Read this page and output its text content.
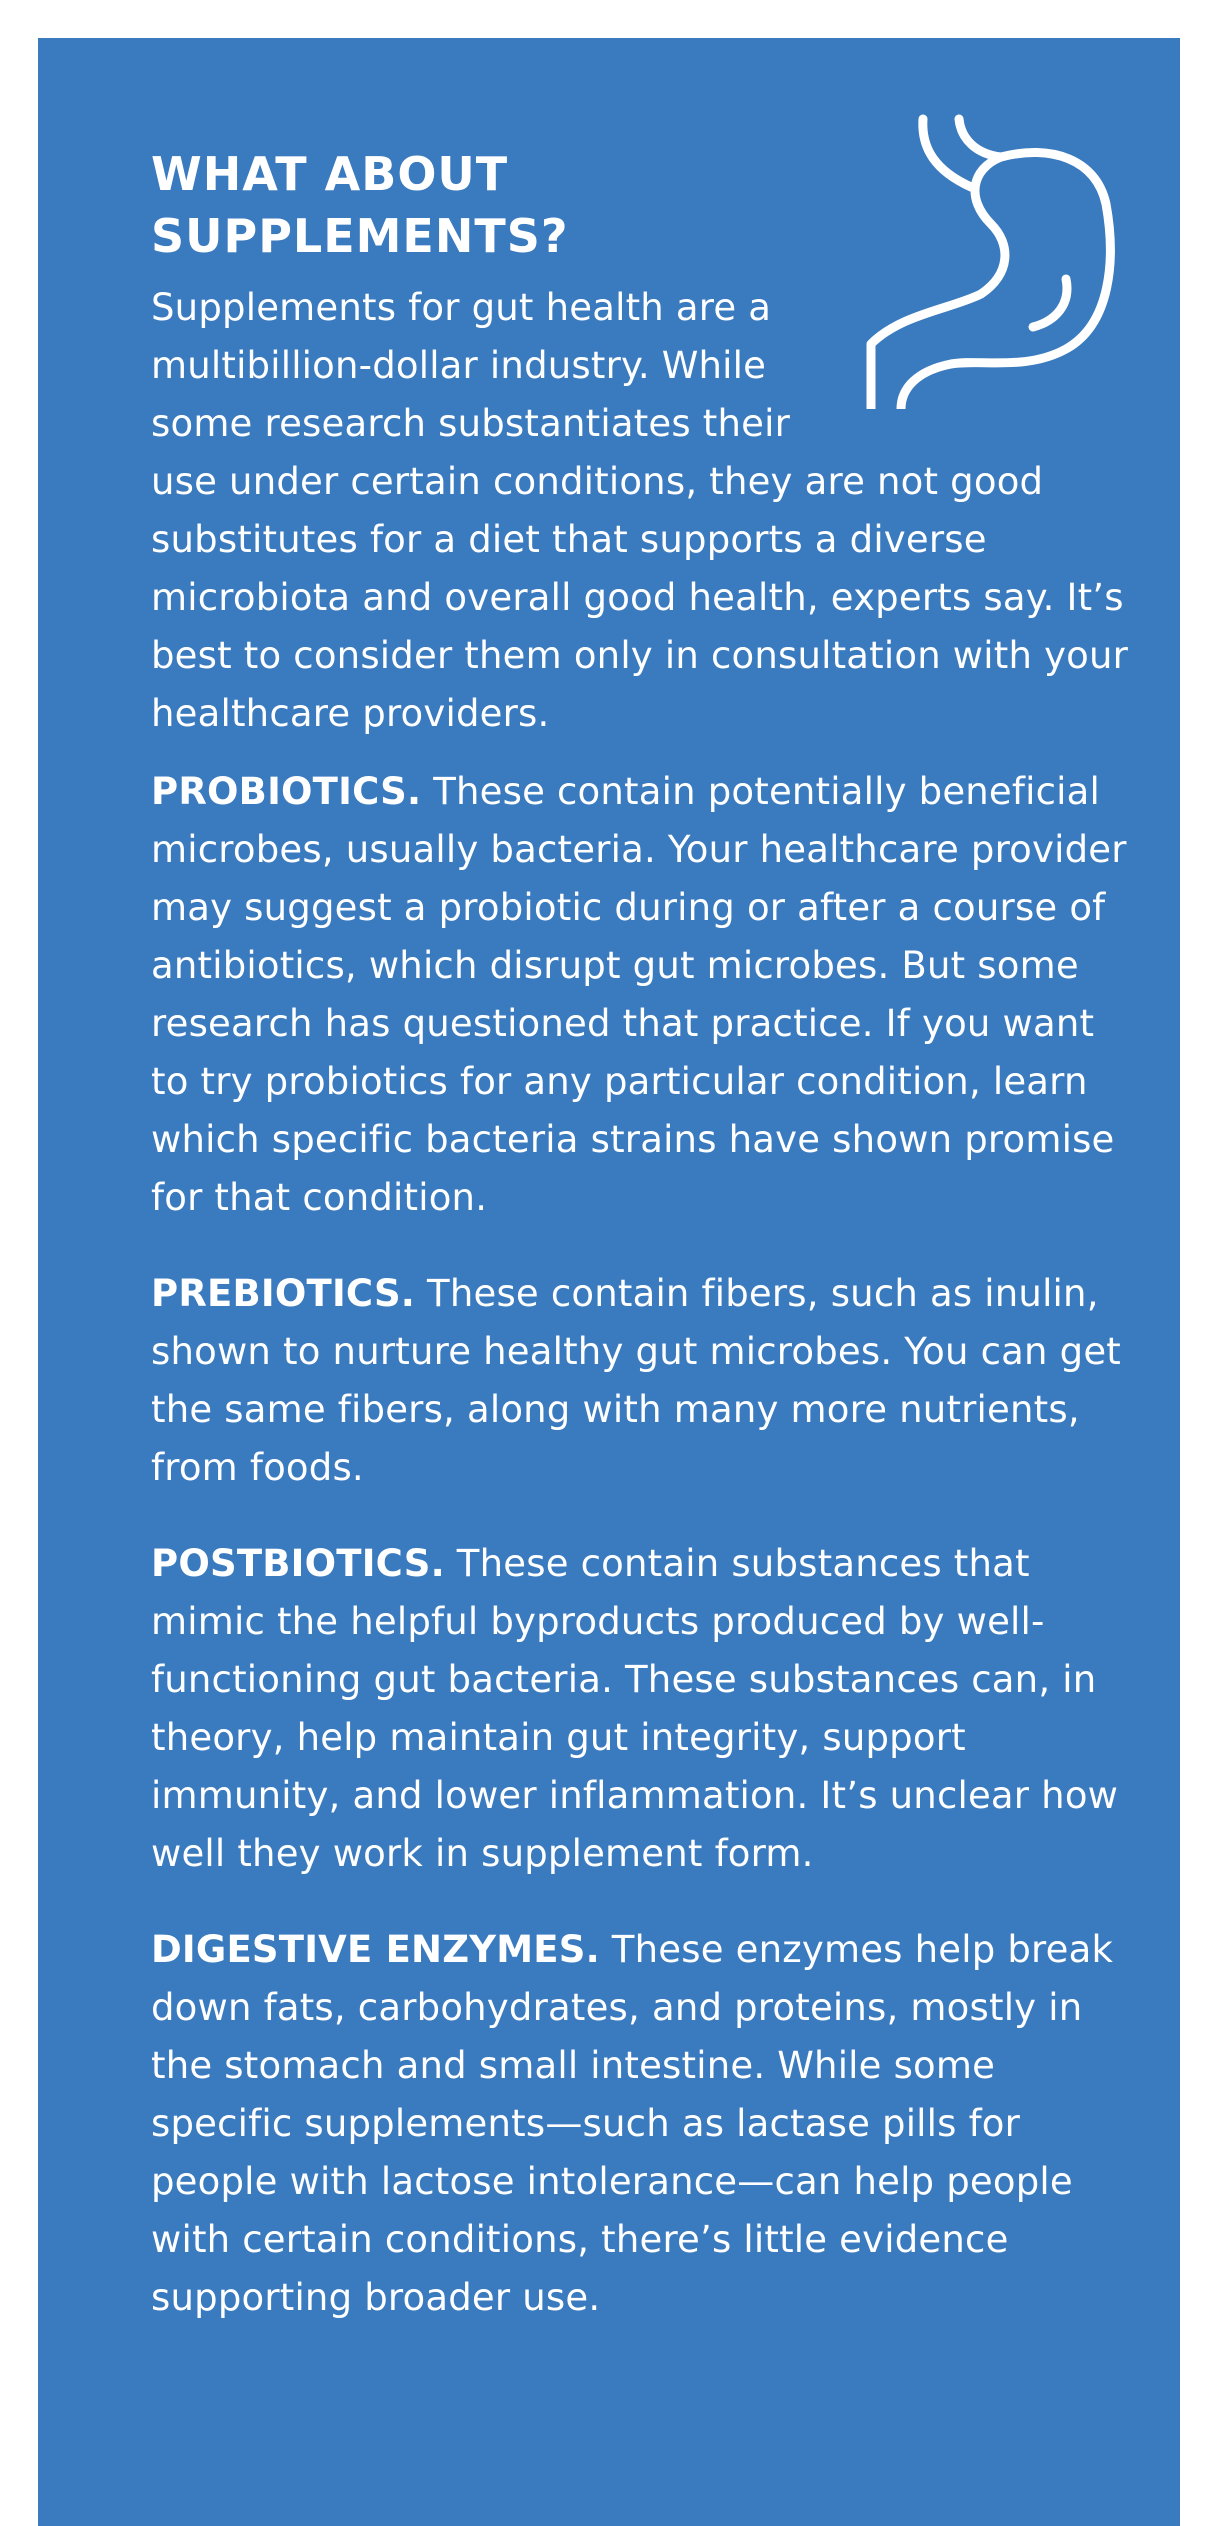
WHAT ABOUT SUPPLEMENTS?

Supplements for gut health are a multibillion-dollar industry. While some research substantiates their use under certain conditions, they are not good substitutes for a diet that supports a diverse microbiota and overall good health, experts say. It’s best to consider them only in consultation with your healthcare providers.

PROBIOTICS. These contain potentially beneficial microbes, usually bacteria. Your healthcare provider may suggest a probiotic during or after a course of antibiotics, which disrupt gut microbes. But some research has questioned that practice. If you want to try probiotics for any particular condition, learn which specific bacteria strains have shown promise for that condition.

PREBIOTICS. These contain fibers, such as inulin, shown to nurture healthy gut microbes. You can get the same fibers, along with many more nutrients, from foods.

POSTBIOTICS. These contain substances that mimic the helpful byproducts produced by well-functioning gut bacteria. These substances can, in theory, help maintain gut integrity, support immunity, and lower inflammation. It’s unclear how well they work in supplement form.

DIGESTIVE ENZYMES. These enzymes help break down fats, carbohydrates, and proteins, mostly in the stomach and small intestine. While some specific supplements—such as lactase pills for people with lactose intolerance—can help people with certain conditions, there’s little evidence supporting broader use.
